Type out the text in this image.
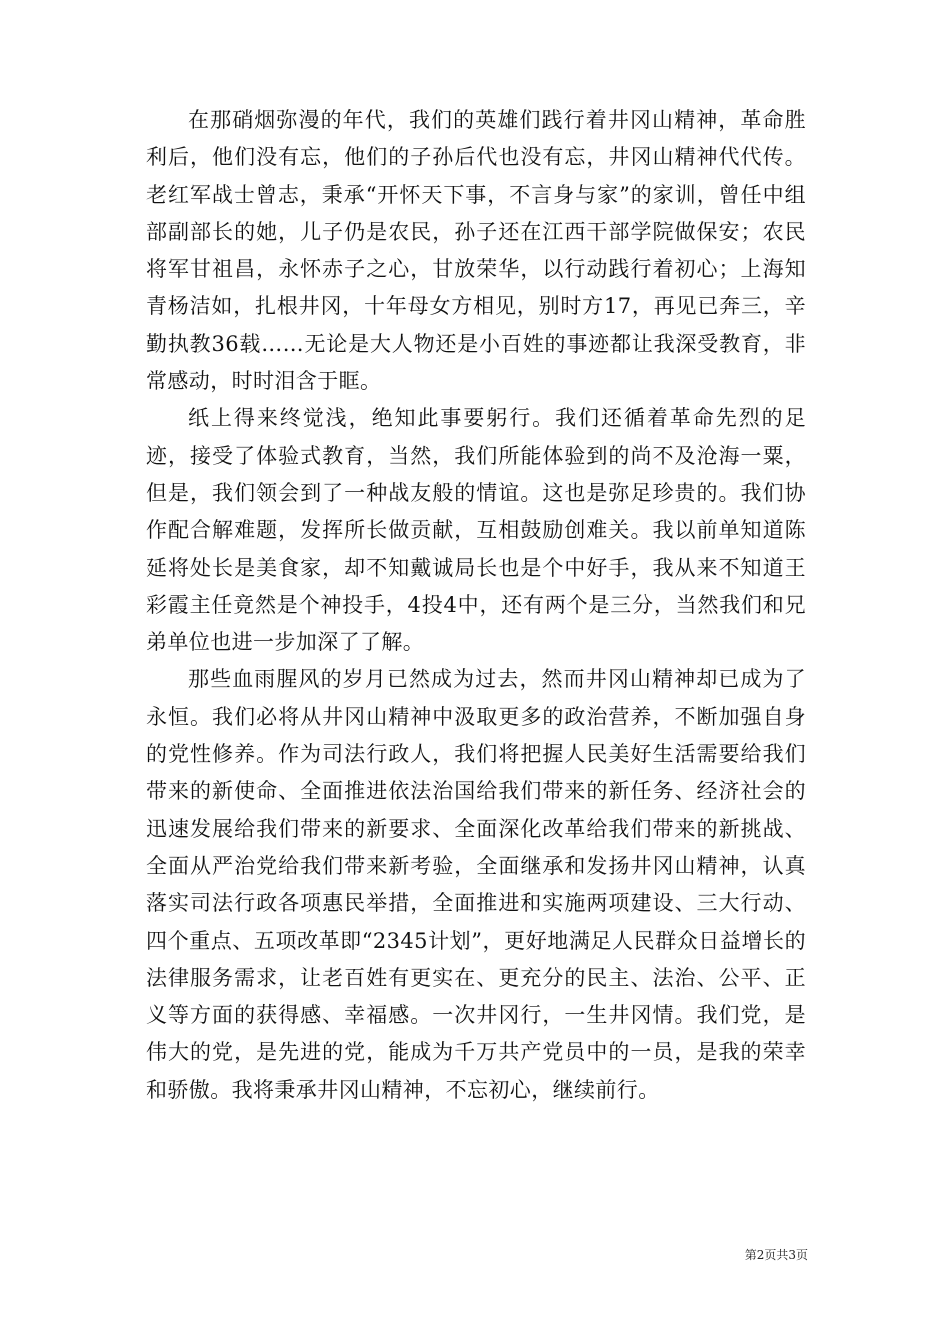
在那硝烟弥漫的年代，我们的英雄们践行着井冈山精神，革命胜利后，他们没有忘，他们的子孙后代也没有忘，井冈山精神代代传。老红军战士曾志，秉承“开怀天下事，不言身与家”的家训，曾任中组部副部长的她，儿子仍是农民，孙子还在江西干部学院做保安；农民将军甘祖昌，永怀赤子之心，甘放荣华，以行动践行着初心；上海知青杨洁如，扎根井冈，十年母女方相见，别时方17，再见已奔三，辛勤执教36载……无论是大人物还是小百姓的事迹都让我深受教育，非常感动，时时泪含于眶。

纸上得来终觉浅，绝知此事要躬行。我们还循着革命先烈的足迹，接受了体验式教育，当然，我们所能体验到的尚不及沧海一粟，但是，我们领会到了一种战友般的情谊。这也是弥足珍贵的。我们协作配合解难题，发挥所长做贡献，互相鼓励创难关。我以前单知道陈延将处长是美食家，却不知戴诚局长也是个中好手，我从来不知道王彩霞主任竟然是个神投手，4投4中，还有两个是三分，当然我们和兄弟单位也进一步加深了了解。

那些血雨腥风的岁月已然成为过去，然而井冈山精神却已成为了永恒。我们必将从井冈山精神中汲取更多的政治营养，不断加强自身的党性修养。作为司法行政人，我们将把握人民美好生活需要给我们带来的新使命、全面推进依法治国给我们带来的新任务、经济社会的迅速发展给我们带来的新要求、全面深化改革给我们带来的新挑战、全面从严治党给我们带来新考验，全面继承和发扬井冈山精神，认真落实司法行政各项惠民举措，全面推进和实施两项建设、三大行动、四个重点、五项改革即“2345计划”，更好地满足人民群众日益增长的法律服务需求，让老百姓有更实在、更充分的民主、法治、公平、正义等方面的获得感、幸福感。一次井冈行，一生井冈情。我们党，是伟大的党，是先进的党，能成为千万共产党员中的一员，是我的荣幸和骄傲。我将秉承井冈山精神，不忘初心，继续前行。

第2页共3页
